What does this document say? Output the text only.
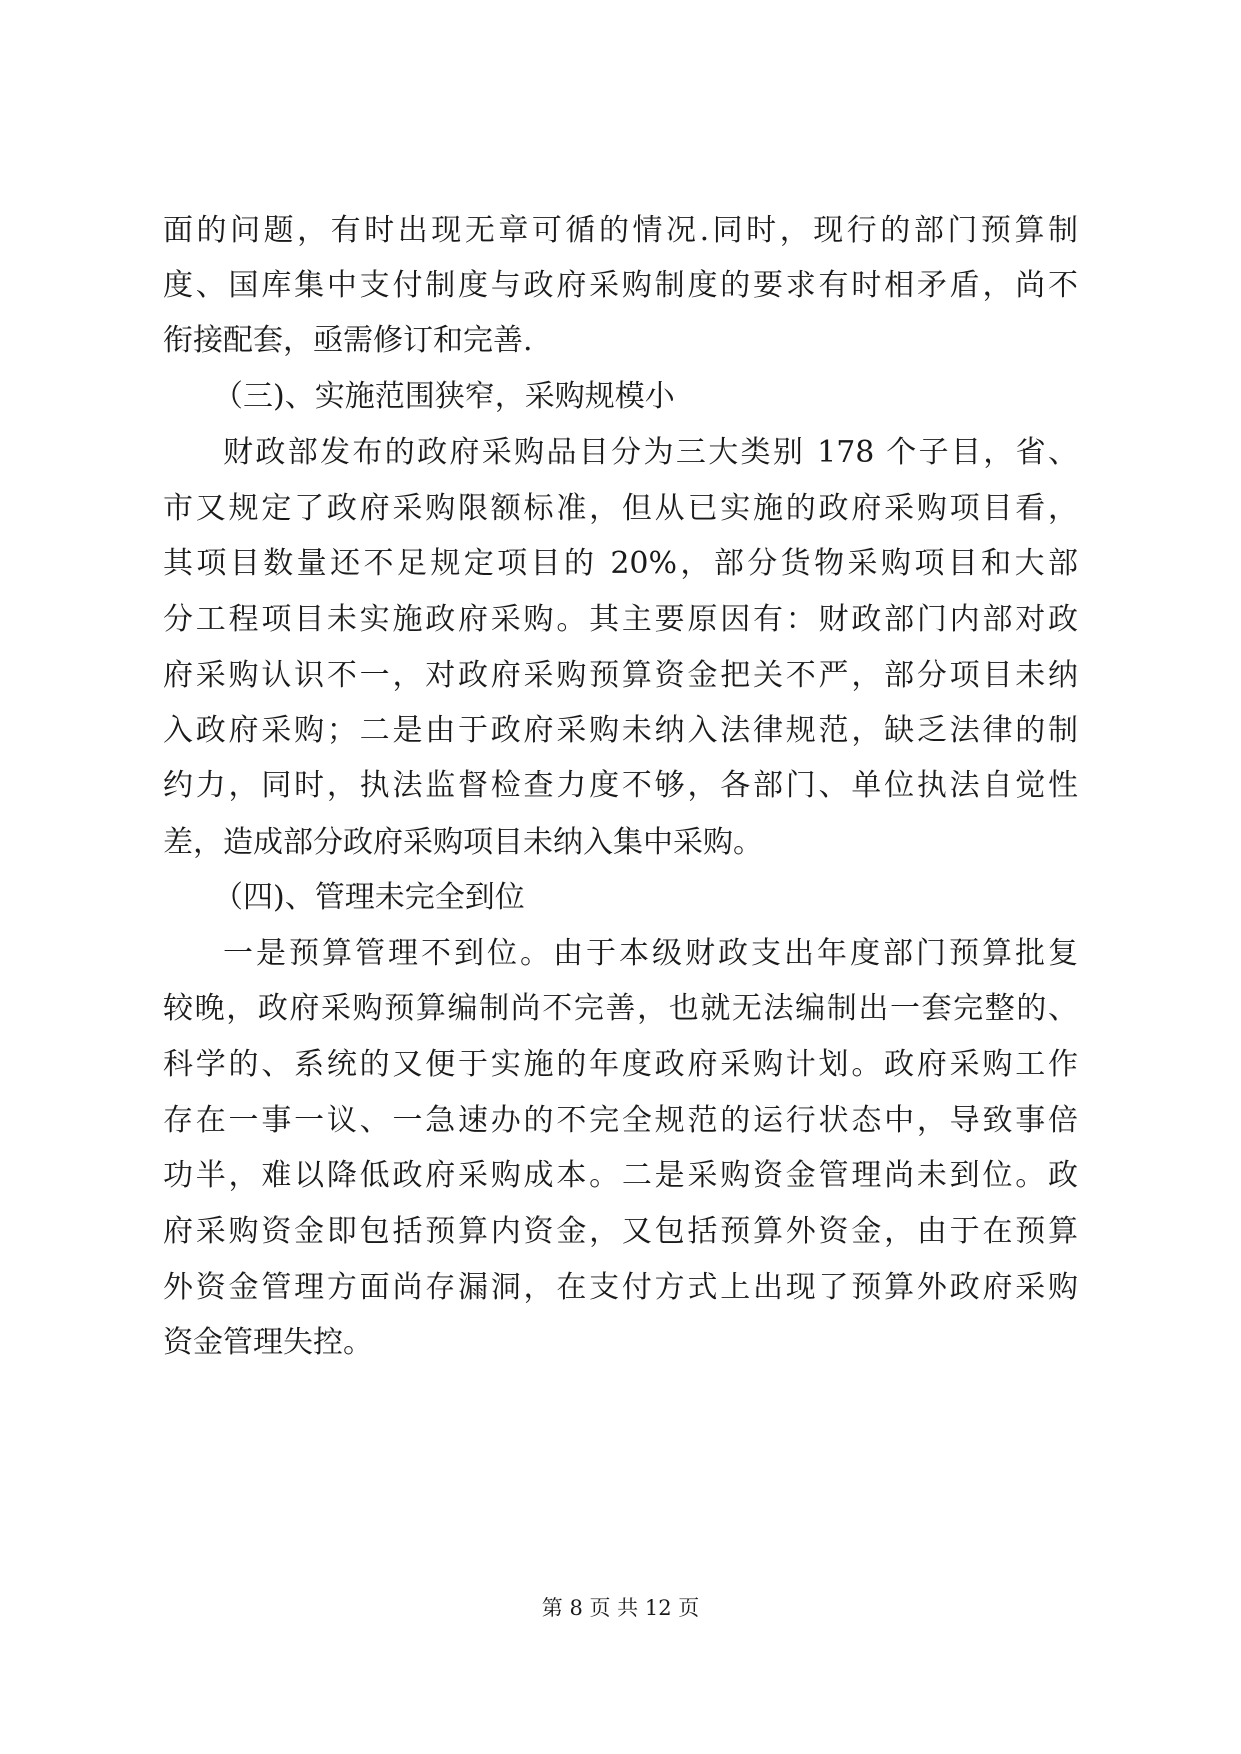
面的问题，有时出现无章可循的情况.同时，现行的部门预算制
度、国库集中支付制度与政府采购制度的要求有时相矛盾，尚不
衔接配套，亟需修订和完善.
（三)、实施范围狭窄，采购规模小
财政部发布的政府采购品目分为三大类别 178 个子目，省、
市又规定了政府采购限额标准，但从已实施的政府采购项目看，
其项目数量还不足规定项目的 20%，部分货物采购项目和大部
分工程项目未实施政府采购。其主要原因有：财政部门内部对政
府采购认识不一，对政府采购预算资金把关不严，部分项目未纳
入政府采购；二是由于政府采购未纳入法律规范，缺乏法律的制
约力，同时，执法监督检查力度不够，各部门、单位执法自觉性
差，造成部分政府采购项目未纳入集中采购。
（四)、管理未完全到位
一是预算管理不到位。由于本级财政支出年度部门预算批复
较晚，政府采购预算编制尚不完善，也就无法编制出一套完整的、
科学的、系统的又便于实施的年度政府采购计划。政府采购工作
存在一事一议、一急速办的不完全规范的运行状态中，导致事倍
功半，难以降低政府采购成本。二是采购资金管理尚未到位。政
府采购资金即包括预算内资金，又包括预算外资金，由于在预算
外资金管理方面尚存漏洞，在支付方式上出现了预算外政府采购
资金管理失控。
第 8 页 共 12 页
